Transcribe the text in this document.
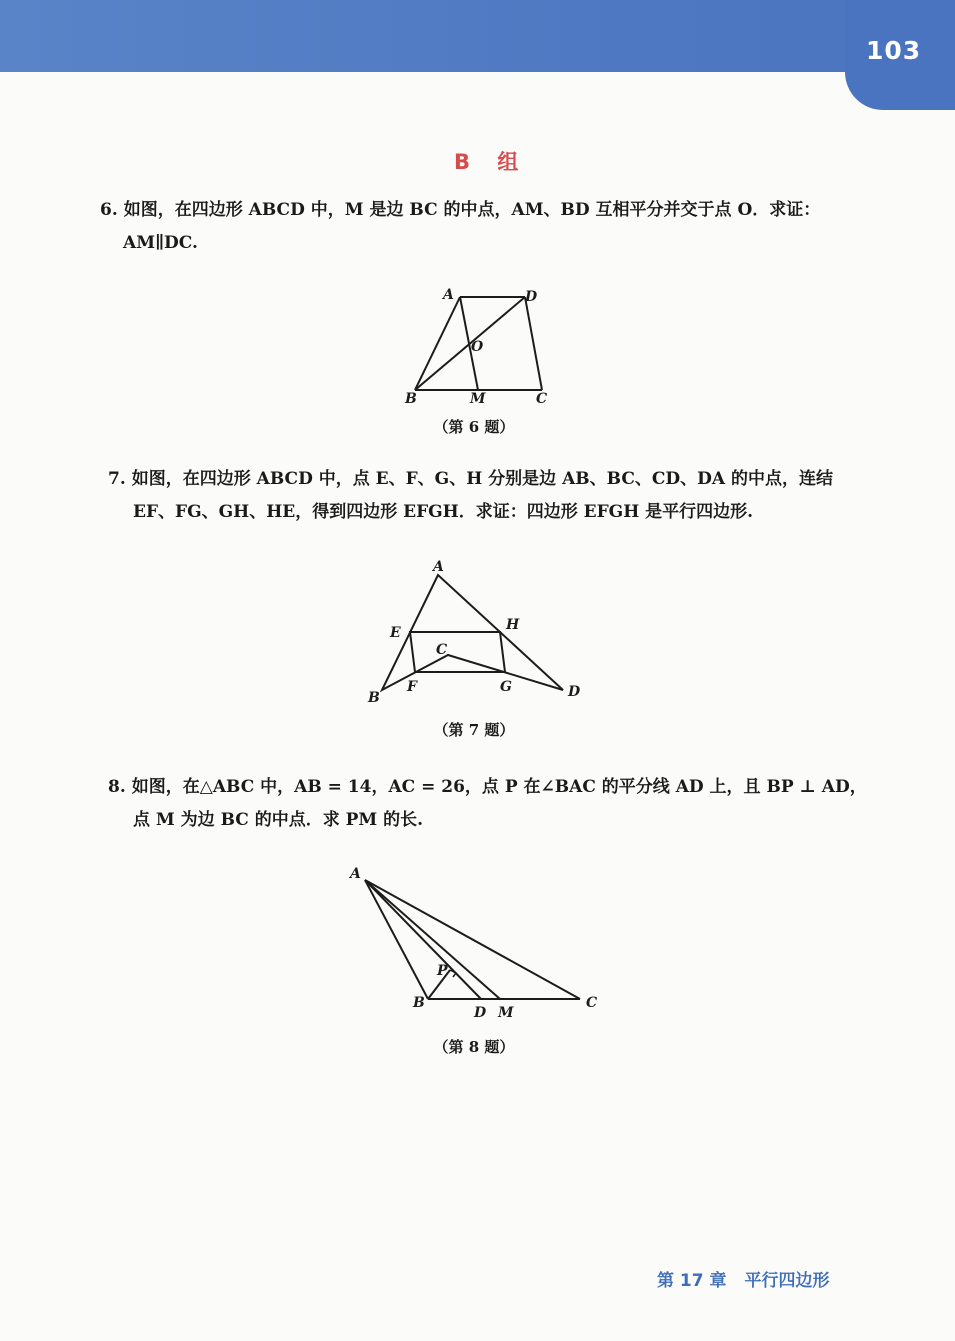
103
B 组
6. 如图，在四边形 ABCD 中，M 是边 BC 的中点，AM、BD 互相平分并交于点 O．求证：
AM∥DC.
A	D
O
B	M	C
（第 6 题）
7. 如图，在四边形 ABCD 中，点 E、F、G、H 分别是边 AB、BC、CD、DA 的中点，连结
EF、FG、GH、HE，得到四边形 EFGH．求证：四边形 EFGH 是平行四边形.
A
E	H
C
B
F	G	D
（第 7 题）
8. 如图，在△ABC 中，AB = 14，AC = 26，点 P 在∠BAC 的平分线 AD 上，且 BP ⊥ AD，
点 M 为边 BC 的中点．求 PM 的长.
P
A
B
D M
C
（第 8 题）
第 17 章 平行四边形
